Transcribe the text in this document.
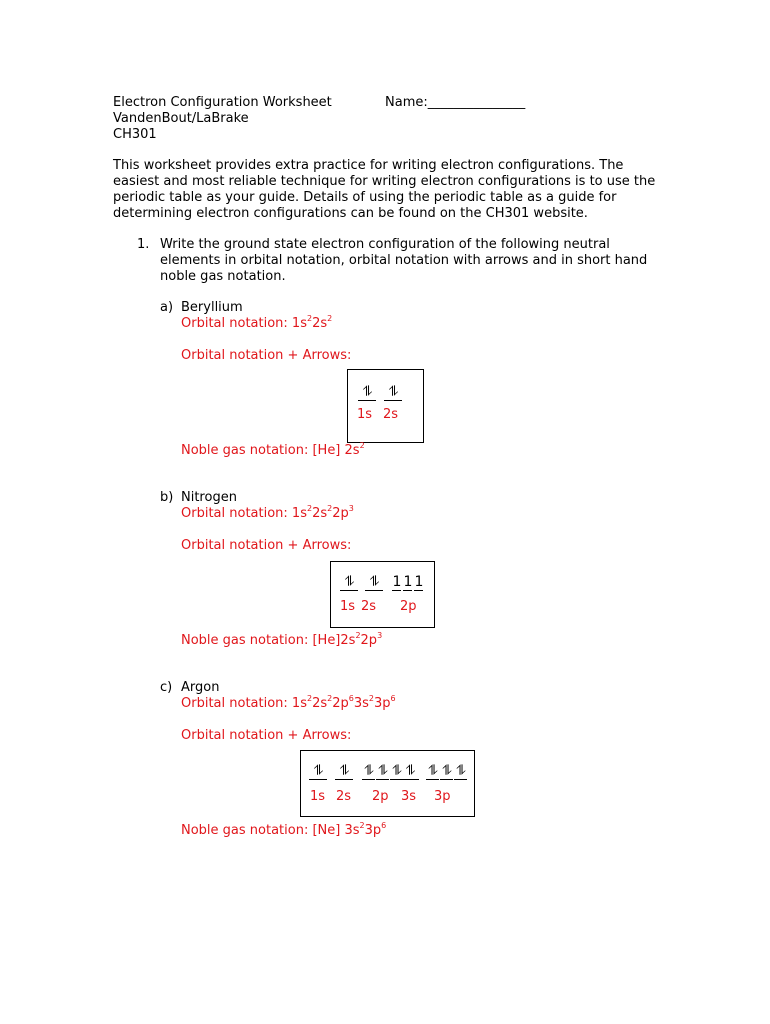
Electron Configuration Worksheet	Name:_______________
VandenBout/LaBrake
CH301
This worksheet provides extra practice for writing electron configurations. The
easiest and most reliable technique for writing electron configurations is to use the
periodic table as your guide. Details of using the periodic table as a guide for
determining electron configurations can be found on the CH301 website.
1. Write the ground state electron configuration of the following neutral
elements in orbital notation, orbital notation with arrows and in short hand
noble gas notation.
a) Beryllium
Orbital notation: $1s^22s^2$
Orbital notation + Arrows:
⥮	⥮
1s 2s
Noble gas notation: [He] $2s^2$
b) Nitrogen
Orbital notation: $1s^22s^22p^3$
Orbital notation + Arrows:
⥮	⥮ 1 1 1
1s 2s 2p
Noble gas notation: $[He]2s^22p^3$
c) Argon
Orbital notation: $1s^22s^22p^63s^23p^6$
Orbital notation + Arrows:
⥮	⥮	⥮ ⥮ ⥮ ⥮ ⥮ ⥮ ⥮
1s 2s 2p 3s 3p
Noble gas notation: [Ne] $3s^23p^6$
